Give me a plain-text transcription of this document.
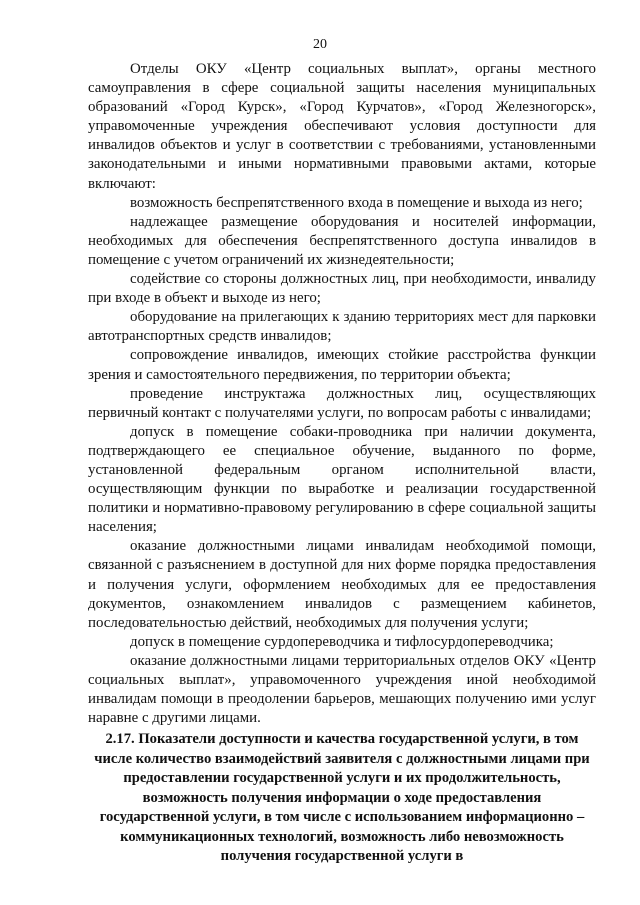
20

Отделы ОКУ «Центр социальных выплат», органы местного самоуправления в сфере социальной защиты населения муниципальных образований «Город Курск», «Город Курчатов», «Город Железногорск», управомоченные учреждения обеспечивают условия доступности для инвалидов объектов и услуг в соответствии с требованиями, установленными законодательными и иными нормативными правовыми актами, которые включают:

возможность беспрепятственного входа в помещение и выхода из него;

надлежащее размещение оборудования и носителей информации, необходимых для обеспечения беспрепятственного доступа инвалидов в помещение с учетом ограничений их жизнедеятельности;

содействие со стороны должностных лиц, при необходимости, инвалиду при входе в объект и выходе из него;

оборудование на прилегающих к зданию территориях мест для парковки автотранспортных средств инвалидов;

сопровождение инвалидов, имеющих стойкие расстройства функции зрения и самостоятельного передвижения, по территории объекта;

проведение инструктажа должностных лиц, осуществляющих первичный контакт с получателями услуги, по вопросам работы с инвалидами;

допуск в помещение собаки-проводника при наличии документа, подтверждающего ее специальное обучение, выданного по форме, установленной федеральным органом исполнительной власти, осуществляющим функции по выработке и реализации государственной политики и нормативно-правовому регулированию в сфере социальной защиты населения;

оказание должностными лицами инвалидам необходимой помощи, связанной с разъяснением в доступной для них форме порядка предоставления и получения услуги, оформлением необходимых для ее предоставления документов, ознакомлением инвалидов с размещением кабинетов, последовательностью действий, необходимых для получения услуги;

допуск в помещение сурдопереводчика и тифлосурдопереводчика;

оказание должностными лицами территориальных отделов ОКУ «Центр социальных выплат», управомоченного учреждения иной необходимой инвалидам помощи в преодолении барьеров, мешающих получению ими услуг наравне с другими лицами.

2.17. Показатели доступности и качества государственной услуги, в том числе количество взаимодействий заявителя с должностными лицами при предоставлении государственной услуги и их продолжительность, возможность получения информации о ходе предоставления государственной услуги, в том числе с использованием информационно – коммуникационных технологий, возможность либо невозможность получения государственной услуги в
